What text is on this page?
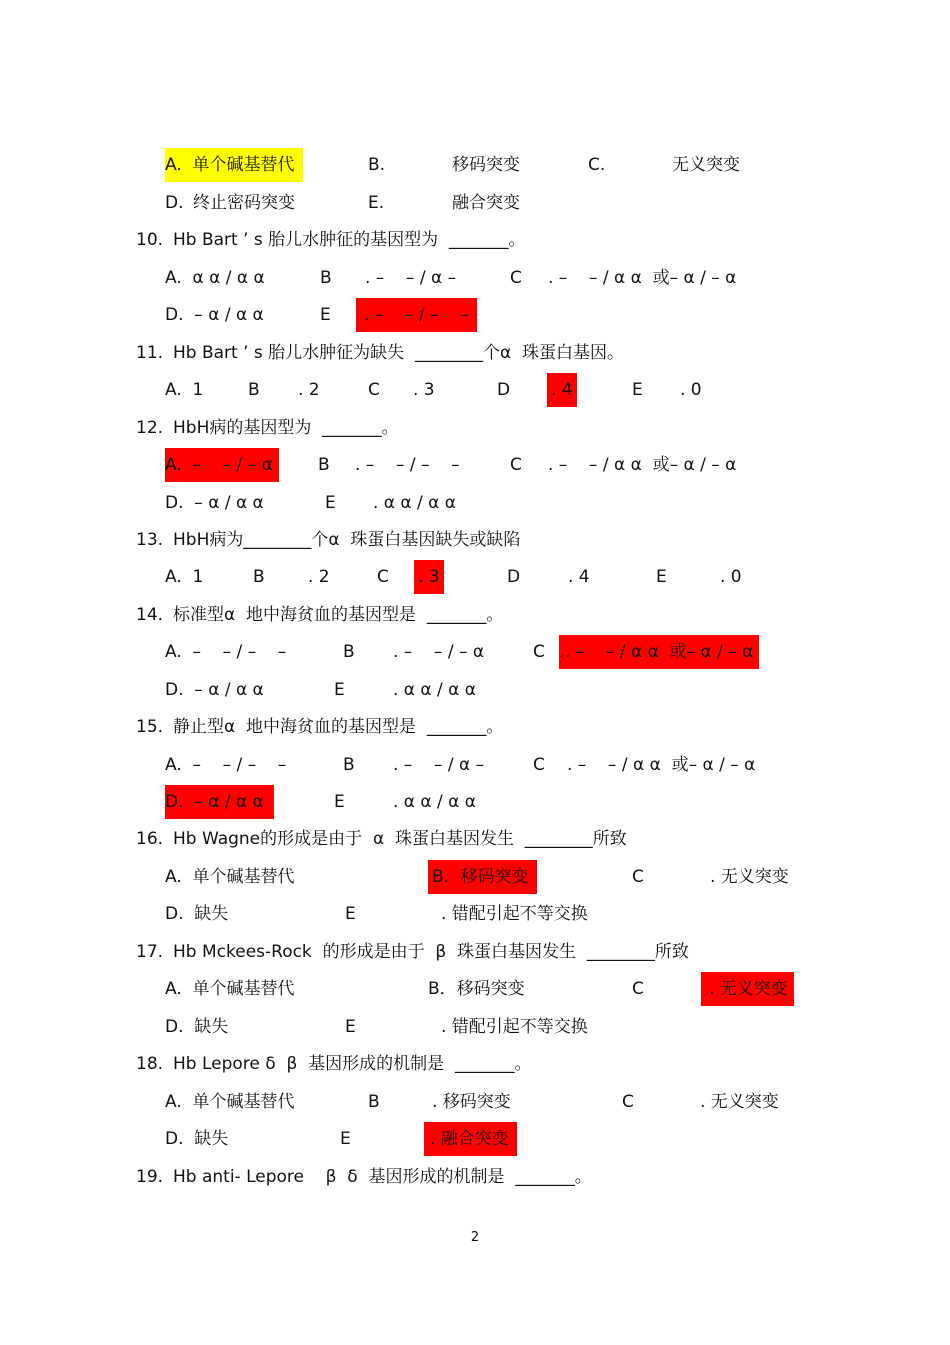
A. 单个碱基替代	B.	移码突变	C.	无义突变
D. 终止密码突变	E.	融合突变
10. Hb Bart ’ s 胎儿水肿征的基因型为 _______。
A.  α α / α α	B . –    – / α –	C . –    – / α α  或– α / – α
D.  – α / α α	E	. –    – / –    –
11. Hb Bart ’ s 胎儿水肿征为缺失 ________个α  珠蛋白基因。
A.  1	B . 2	C . 3	D . 4	E . 0
12. HbH病的基因型为 _______。
A.  –    – / – α	B . –    – / –    –	C . –    – / α α  或– α / – α
D.  – α / α α	E . α α / α α
13. HbH病为________个α  珠蛋白基因缺失或缺陷
A.  1	B	. 2	C . 3	D	. 4	E	. 0
14. 标准型α  地中海贫血的基因型是 _______。
A.  –    – / –    –	B . –    – / – α	C	. –    – / α α  或– α / – α
D.  – α / α α	E	. α α / α α
15. 静止型α  地中海贫血的基因型是 _______。
A.  –    – / –    –	B . –    – / α –	C . –    – / α α  或– α / – α
D.  – α / α α	E	. α α / α α
16. Hb Wagne的形成是由于  α  珠蛋白基因发生 ________所致
A.  单个碱基替代	B．移码突变	C	. 无义突变
D.  缺失	E	. 错配引起不等交换
17. Hb Mckees-Rock  的形成是由于  β  珠蛋白基因发生 ________所致
A.  单个碱基替代	B．移码突变	C	. 无义突变
D.  缺失	E	. 错配引起不等交换
18. Hb Lepore δ  β  基因形成的机制是 _______。
A.  单个碱基替代	B	. 移码突变	C	. 无义突变
D.  缺失	E	. 融合突变
19. Hb anti- Lepore    β  δ  基因形成的机制是 _______。
2
